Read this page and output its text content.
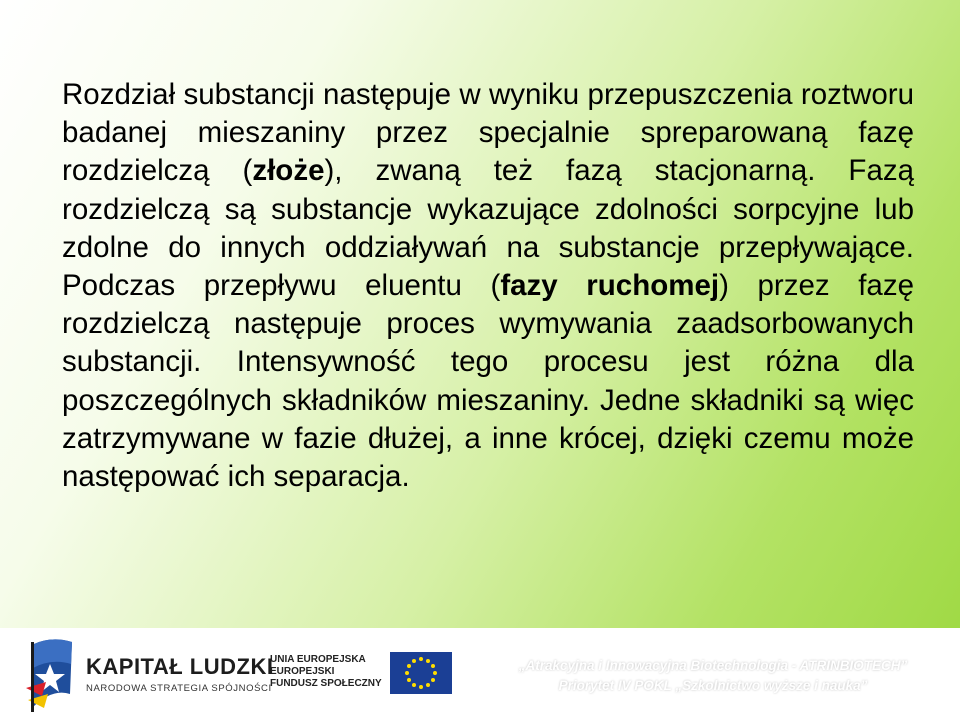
Rozdział substancji następuje w wyniku przepuszczenia roztworu badanej mieszaniny przez specjalnie spreparowaną fazę rozdzielczą (złoże), zwaną też fazą stacjonarną. Fazą rozdzielczą są substancje wykazujące zdolności sorpcyjne lub zdolne do innych oddziaływań na substancje przepływające. Podczas przepływu eluentu (fazy ruchomej) przez fazę rozdzielczą następuje proces wymywania zaadsorbowanych substancji. Intensywność tego procesu jest różna dla poszczególnych składników mieszaniny. Jedne składniki są więc zatrzymywane w fazie dłużej, a inne krócej, dzięki czemu może następować ich separacja.

KAPITAŁ LUDZKI
NARODOWA STRATEGIA SPÓJNOŚCI
UNIA EUROPEJSKA
EUROPEJSKI
FUNDUSZ SPOŁECZNY
„Atrakcyjna i Innowacyjna Biotechnologia - ATRINBIOTECH”
Priorytet IV POKL „Szkolnictwo wyższe i nauka”
